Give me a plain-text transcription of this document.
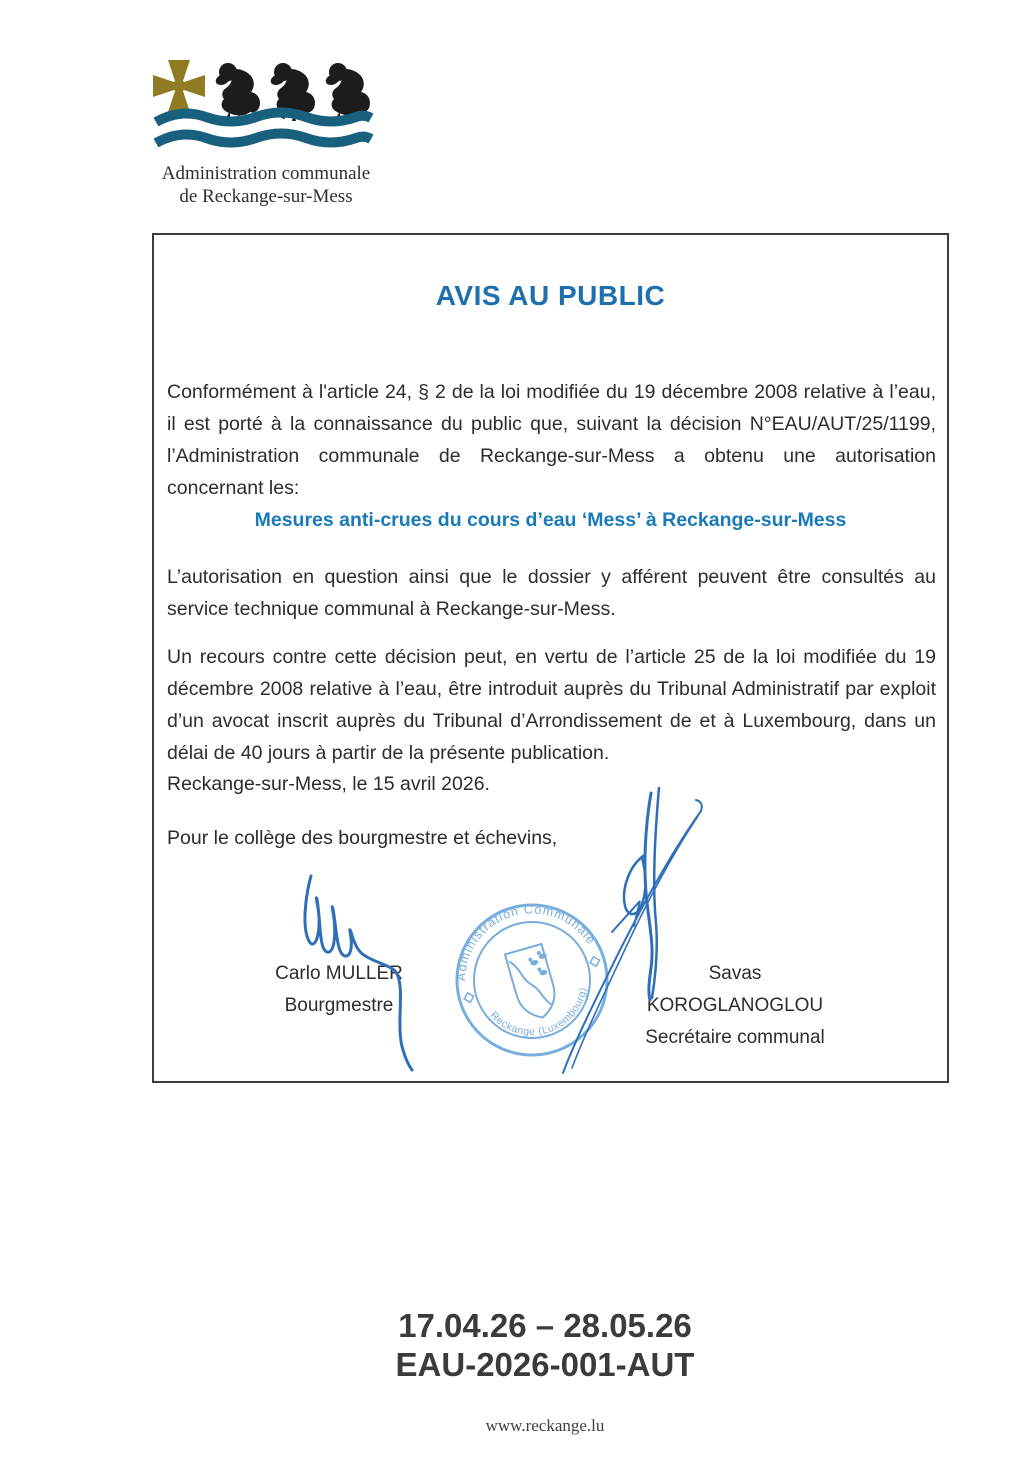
Administration communale
de Reckange-sur-Mess
AVIS AU PUBLIC
Conformément à l'article 24, § 2 de la loi modifiée du 19 décembre 2008 relative à l’eau, il est porté à la connaissance du public que, suivant la décision N°EAU/AUT/25/1199, l’Administration communale de Reckange-sur-Mess a obtenu une autorisation concernant les:
Mesures anti-crues du cours d’eau ‘Mess’ à Reckange-sur-Mess
L’autorisation en question ainsi que le dossier y afférent peuvent être consultés au service technique communal à Reckange-sur-Mess.
Un recours contre cette décision peut, en vertu de l’article 25 de la loi modifiée du 19 décembre 2008 relative à l’eau, être introduit auprès du Tribunal Administratif par exploit d’un avocat inscrit auprès du Tribunal d’Arrondissement de et à Luxembourg, dans un délai de 40 jours à partir de la présente publication.
Reckange-sur-Mess, le 15 avril 2026.
Pour le collège des bourgmestre et échevins,
Carlo MULLER
Bourgmestre
Savas KOROGLANOGLOU
Secrétaire communal
Administration Communale
Reckange (Luxembourg)
17.04.26 – 28.05.26
EAU-2026-001-AUT
www.reckange.lu
